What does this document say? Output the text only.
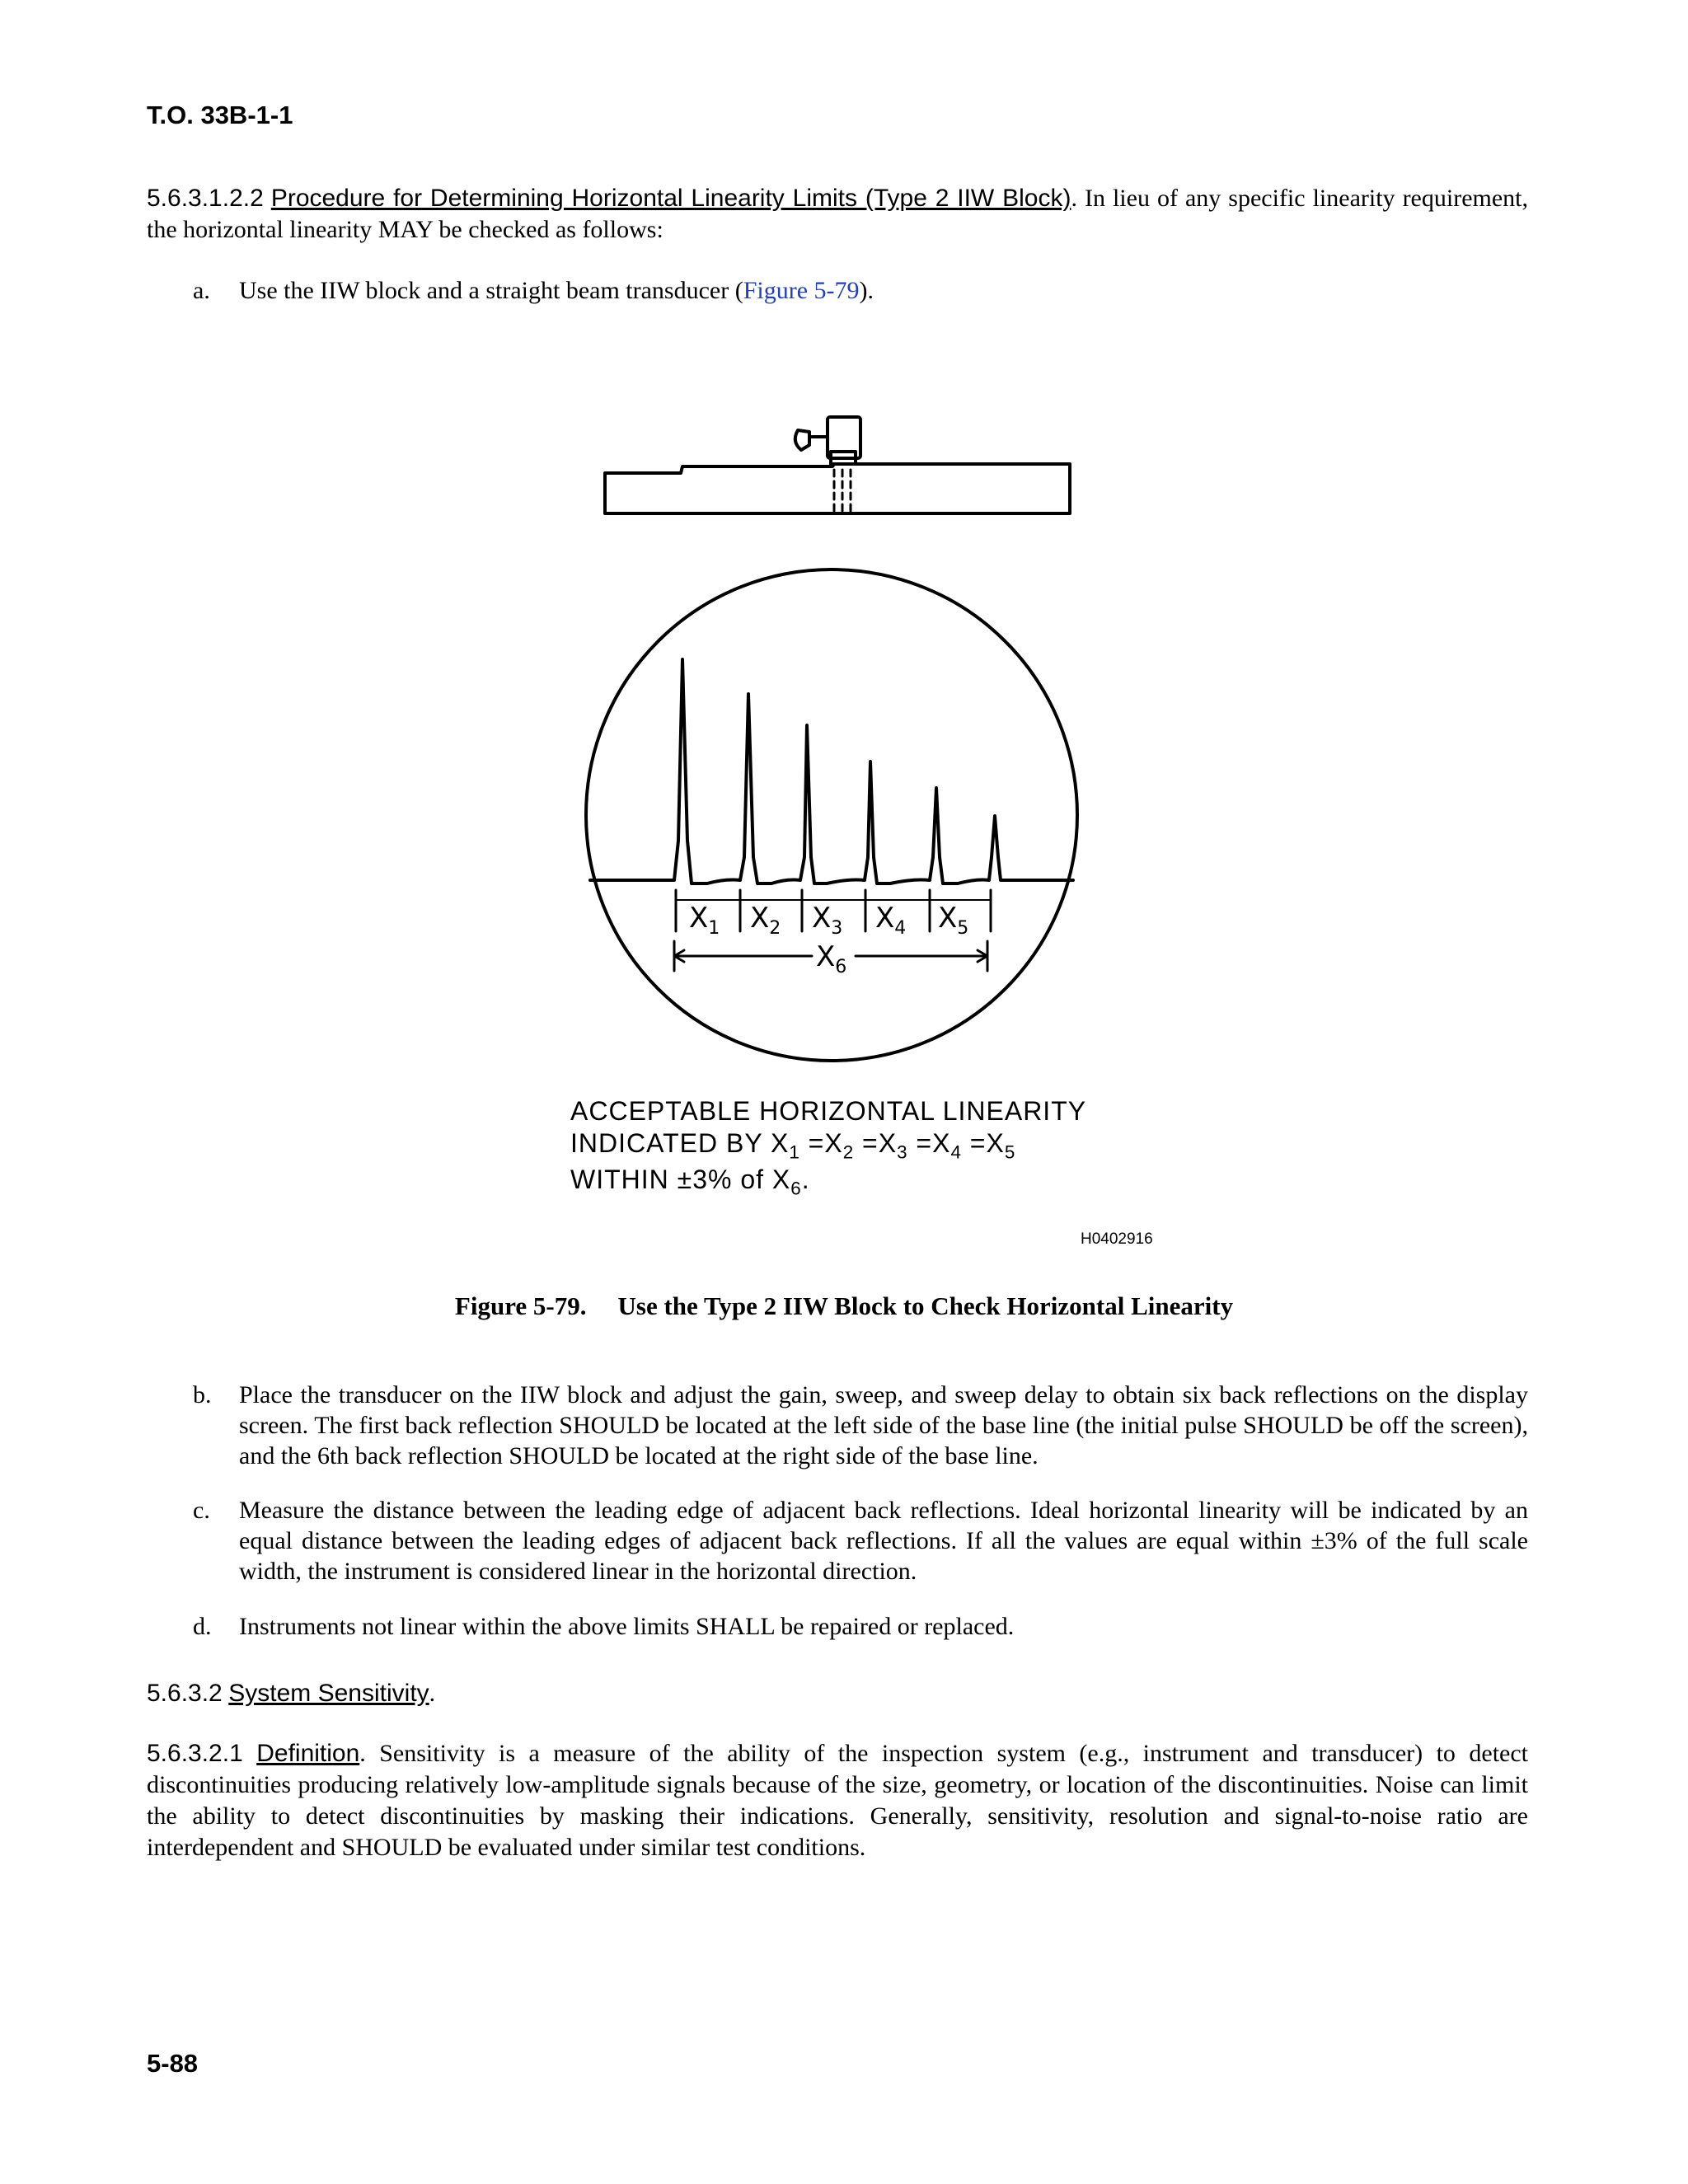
T.O. 33B-1-1
5.6.3.1.2.2 Procedure for Determining Horizontal Linearity Limits (Type 2 IIW Block). In lieu of any specific linearity requirement, the horizontal linearity MAY be checked as follows:
a. Use the IIW block and a straight beam transducer (Figure 5-79).
$X_1$ $X_2$ $X_3$ $X_4$ $X_5$
$X_6$
ACCEPTABLE HORIZONTAL LINEARITY
INDICATED BY $X_1 =X_2 =X_3 =X_4 =X_5$
WITHIN ±3% of $X_6$.
H0402916
Figure 5-79. Use the Type 2 IIW Block to Check Horizontal Linearity
b. Place the transducer on the IIW block and adjust the gain, sweep, and sweep delay to obtain six back reflections on the display screen. The first back reflection SHOULD be located at the left side of the base line (the initial pulse SHOULD be off the screen), and the 6th back reflection SHOULD be located at the right side of the base line.
c. Measure the distance between the leading edge of adjacent back reflections. Ideal horizontal linearity will be indicated by an equal distance between the leading edges of adjacent back reflections. If all the values are equal within ±3% of the full scale width, the instrument is considered linear in the horizontal direction.
d. Instruments not linear within the above limits SHALL be repaired or replaced.
5.6.3.2 System Sensitivity.
5.6.3.2.1 Definition. Sensitivity is a measure of the ability of the inspection system (e.g., instrument and transducer) to detect discontinuities producing relatively low-amplitude signals because of the size, geometry, or location of the discontinuities. Noise can limit the ability to detect discontinuities by masking their indications. Generally, sensitivity, resolution and signal-to-noise ratio are interdependent and SHOULD be evaluated under similar test conditions.
5-88
